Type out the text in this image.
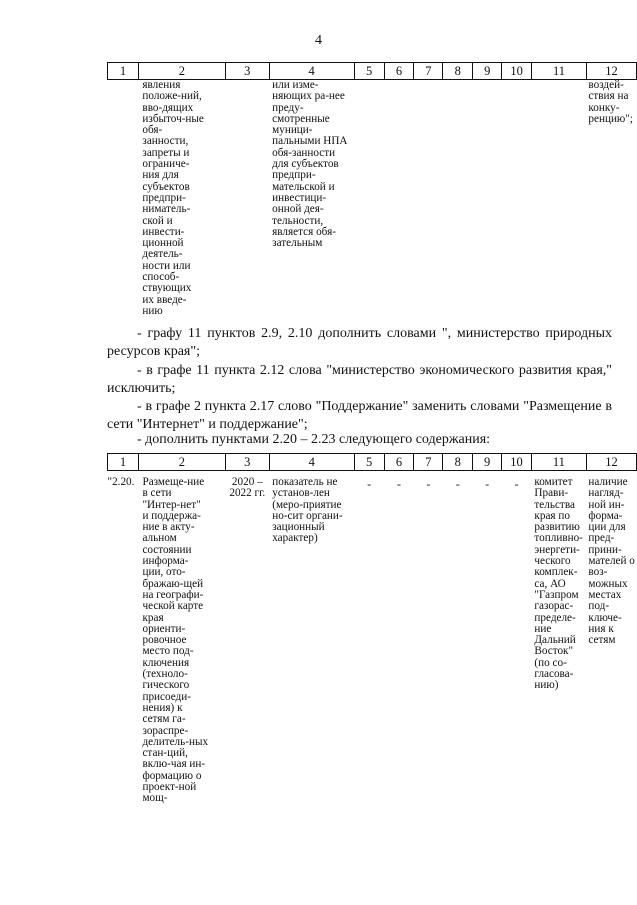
4
1	2	3	4	5	6	7	8	9	10	11	12

	явления положе-ний, вво-дящих избыточ-ные обя-занности, запреты и ограниче-ния для субъектов предпри-ниматель-ской и инвести-ционной деятель-ности или способ-ствующих их введе-нию		или изме-няющих ра-нее преду-смотренные муници-пальными НПА обя-занности для субъектов предпри-мательской и инвестици-онной дея-тельности, является обя-зательным								воздей-ствия на конку-ренцию";
- графу 11 пунктов 2.9, 2.10 дополнить словами ", министерство природных ресурсов края";
- в графе 11 пункта 2.12 слова "министерство экономического развития края," исключить;
- в графе 2 пункта 2.17 слово "Поддержание" заменить словами "Размещение в сети "Интернет" и поддержание";
- дополнить пунктами 2.20 – 2.23 следующего содержания:
1	2	3	4	5	6	7	8	9	10	11	12

"2.20.	Размеще-ние в сети "Интер-нет" и поддержа-ние в акту-альном состоянии информа-ции, ото-бражаю-щей на географи-ческой карте края ориенти-ровочное место под-ключения (техноло-гического присоеди-нения) к сетям га-зораспре-делитель-ных стан-ций, вклю-чая ин-формацию о проект-ной мощ-	2020 – 2022 гг.	показатель не установ-лен (меро-приятие но-сит органи-зационный характер)	-	-	-	-	-	-	комитет Прави-тельства края по развитию топливно-энергети-ческого комплек-са, АО "Газпром газорас-пределе-ние Дальний Восток" (по со-гласова-нию)	наличие нагляд-ной ин-форма-ции для пред-прини-мателей о воз-можных местах под-ключе-ния к сетям
